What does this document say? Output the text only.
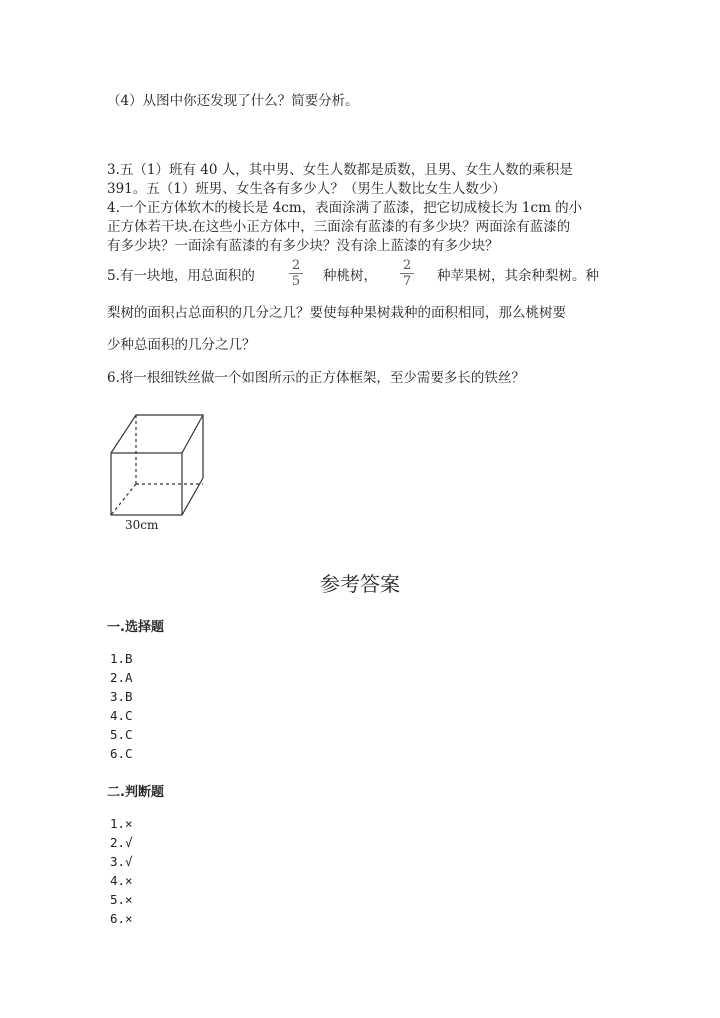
（4）从图中你还发现了什么？简要分析。
3.五（1）班有 40 人，其中男、女生人数都是质数，且男、女生人数的乘积是
391。五（1）班男、女生各有多少人？（男生人数比女生人数少）
4.一个正方体软木的棱长是 4cm，表面涂满了蓝漆，把它切成棱长为 1cm 的小
正方体若干块.在这些小正方体中，三面涂有蓝漆的有多少块？两面涂有蓝漆的
有多少块？一面涂有蓝漆的有多少块？没有涂上蓝漆的有多少块？
5.有一块地，用总面积的	$\frac{2}{5}$ 种桃树， $\frac{2}{7}$ 种苹果树，其余种梨树。种
梨树的面积占总面积的几分之几？要使每种果树栽种的面积相同，那么桃树要
少种总面积的几分之几？
6.将一根细铁丝做一个如图所示的正方体框架，至少需要多长的铁丝？
30cm
参考答案
一.选择题
1.B
2.A
3.B
4.C
5.C
6.C
二.判断题
1.×
2.√
3.√
4.×
5.×
6.×
